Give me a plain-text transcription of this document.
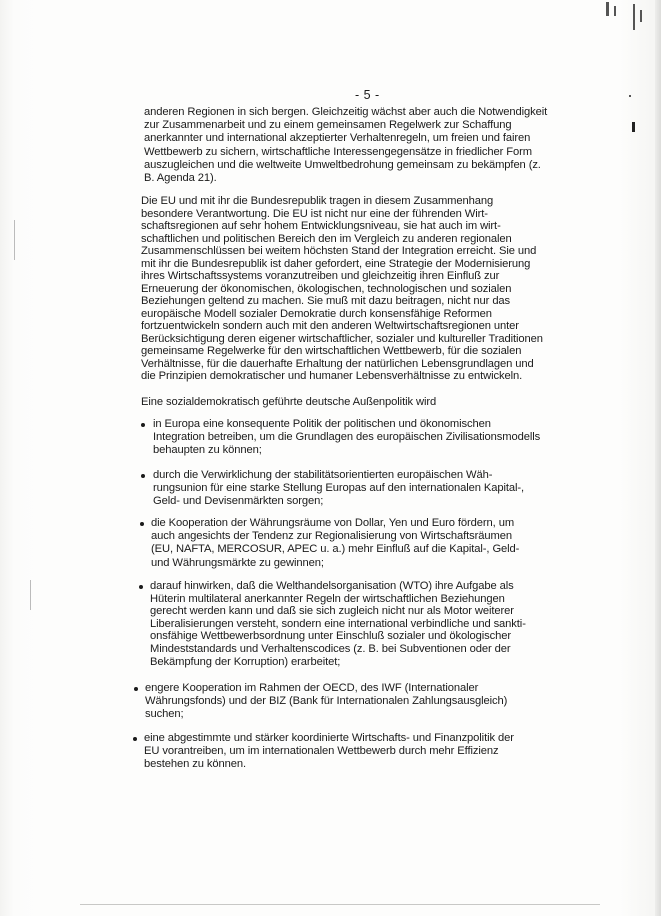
- 5 -
anderen Regionen in sich bergen. Gleichzeitig wächst aber auch die Notwendigkeit
zur Zusammenarbeit und zu einem gemeinsamen Regelwerk zur Schaffung
anerkannter und international akzeptierter Verhaltenregeln, um freien und fairen
Wettbewerb zu sichern, wirtschaftliche Interessengegensätze in friedlicher Form
auszugleichen und die weltweite Umweltbedrohung gemeinsam zu bekämpfen (z.
B. Agenda 21).
Die EU und mit ihr die Bundesrepublik tragen in diesem Zusammenhang
besondere Verantwortung. Die EU ist nicht nur eine der führenden Wirt-
schaftsregionen auf sehr hohem Entwicklungsniveau, sie hat auch im wirt-
schaftlichen und politischen Bereich den im Vergleich zu anderen regionalen
Zusammenschlüssen bei weitem höchsten Stand der Integration erreicht. Sie und
mit ihr die Bundesrepublik ist daher gefordert, eine Strategie der Modernisierung
ihres Wirtschaftssystems voranzutreiben und gleichzeitig ihren Einfluß zur
Erneuerung der ökonomischen, ökologischen, technologischen und sozialen
Beziehungen geltend zu machen. Sie muß mit dazu beitragen, nicht nur das
europäische Modell sozialer Demokratie durch konsensfähige Reformen
fortzuentwickeln sondern auch mit den anderen Weltwirtschaftsregionen unter
Berücksichtigung deren eigener wirtschaftlicher, sozialer und kultureller Traditionen
gemeinsame Regelwerke für den wirtschaftlichen Wettbewerb, für die sozialen
Verhältnisse, für die dauerhafte Erhaltung der natürlichen Lebensgrundlagen und
die Prinzipien demokratischer und humaner Lebensverhältnisse zu entwickeln.
Eine sozialdemokratisch geführte deutsche Außenpolitik wird
in Europa eine konsequente Politik der politischen und ökonomischen
Integration betreiben, um die Grundlagen des europäischen Zivilisationsmodells
behaupten zu können;
durch die Verwirklichung der stabilitätsorientierten europäischen Wäh-
rungsunion für eine starke Stellung Europas auf den internationalen Kapital-,
Geld- und Devisenmärkten sorgen;
die Kooperation der Währungsräume von Dollar, Yen und Euro fördern, um
auch angesichts der Tendenz zur Regionalisierung von Wirtschaftsräumen
(EU, NAFTA, MERCOSUR, APEC u. a.) mehr Einfluß auf die Kapital-, Geld-
und Währungsmärkte zu gewinnen;
darauf hinwirken, daß die Welthandelsorganisation (WTO) ihre Aufgabe als
Hüterin multilateral anerkannter Regeln der wirtschaftlichen Beziehungen
gerecht werden kann und daß sie sich zugleich nicht nur als Motor weiterer
Liberalisierungen versteht, sondern eine international verbindliche und sankti-
onsfähige Wettbewerbsordnung unter Einschluß sozialer und ökologischer
Mindeststandards und Verhaltenscodices (z. B. bei Subventionen oder der
Bekämpfung der Korruption) erarbeitet;
engere Kooperation im Rahmen der OECD, des IWF (Internationaler
Währungsfonds) und der BIZ (Bank für Internationalen Zahlungsausgleich)
suchen;
eine abgestimmte und stärker koordinierte Wirtschafts- und Finanzpolitik der
EU vorantreiben, um im internationalen Wettbewerb durch mehr Effizienz
bestehen zu können.
